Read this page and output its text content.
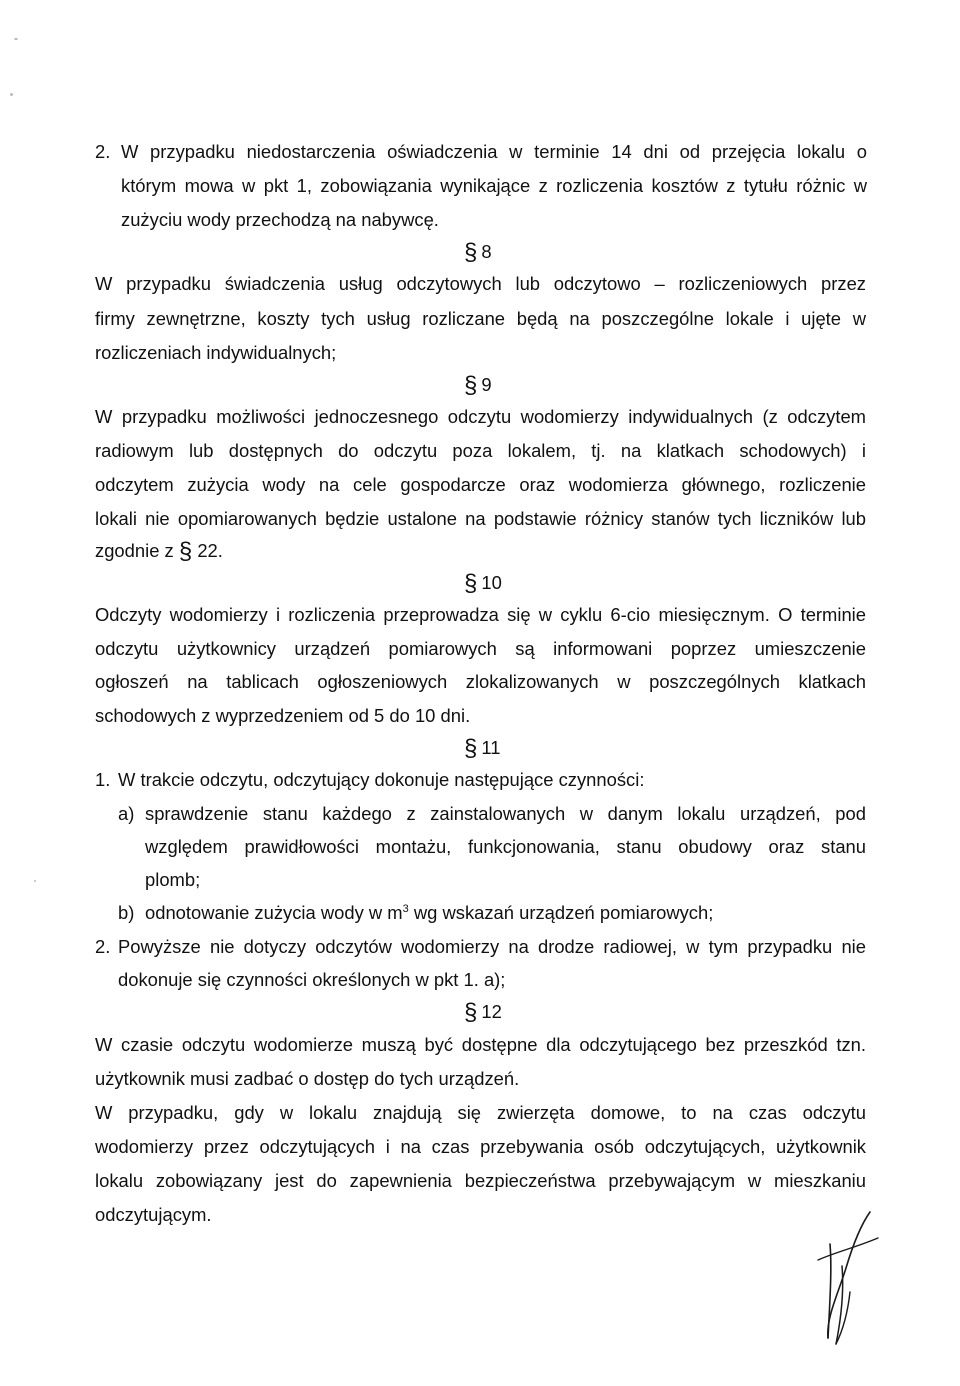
2. W przypadku niedostarczenia oświadczenia w terminie 14 dni od przejęcia lokalu o
którym mowa w pkt 1, zobowiązania wynikające z rozliczenia kosztów z tytułu różnic w
zużyciu wody przechodzą na nabywcę.
§ 8
W przypadku świadczenia usług odczytowych lub odczytowo – rozliczeniowych przez
firmy zewnętrzne, koszty tych usług rozliczane będą na poszczególne lokale i ujęte w
rozliczeniach indywidualnych;
§ 9
W przypadku możliwości jednoczesnego odczytu wodomierzy indywidualnych (z odczytem
radiowym lub dostępnych do odczytu poza lokalem, tj. na klatkach schodowych) i
odczytem zużycia wody na cele gospodarcze oraz wodomierza głównego, rozliczenie
lokali nie opomiarowanych będzie ustalone na podstawie różnicy stanów tych liczników lub
zgodnie z § 22.
§ 10
Odczyty wodomierzy i rozliczenia przeprowadza się w cyklu 6-cio miesięcznym. O terminie
odczytu użytkownicy urządzeń pomiarowych są informowani poprzez umieszczenie
ogłoszeń na tablicach ogłoszeniowych zlokalizowanych w poszczególnych klatkach
schodowych z wyprzedzeniem od 5 do 10 dni.
§ 11
1. W trakcie odczytu, odczytujący dokonuje następujące czynności:
a) sprawdzenie stanu każdego z zainstalowanych w danym lokalu urządzeń, pod
względem prawidłowości montażu, funkcjonowania, stanu obudowy oraz stanu
plomb;
b) odnotowanie zużycia wody w $m^3$ wg wskazań urządzeń pomiarowych;
2. Powyższe nie dotyczy odczytów wodomierzy na drodze radiowej, w tym przypadku nie
dokonuje się czynności określonych w pkt 1. a);
§ 12
W czasie odczytu wodomierze muszą być dostępne dla odczytującego bez przeszkód tzn.
użytkownik musi zadbać o dostęp do tych urządzeń.
W przypadku, gdy w lokalu znajdują się zwierzęta domowe, to na czas odczytu
wodomierzy przez odczytujących i na czas przebywania osób odczytujących, użytkownik
lokalu zobowiązany jest do zapewnienia bezpieczeństwa przebywającym w mieszkaniu
odczytującym.
